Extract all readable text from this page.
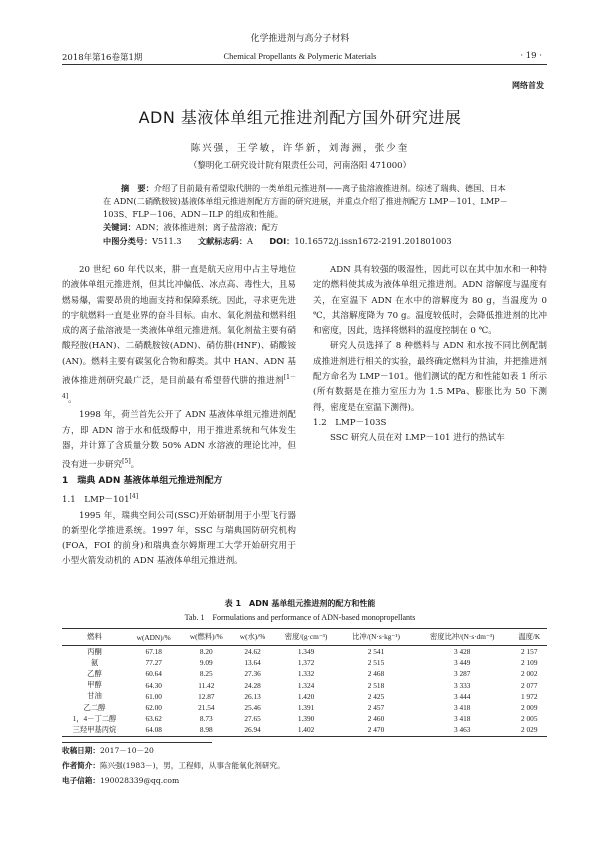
化学推进剂与高分子材料
2018年第16卷第1期	Chemical Propellants & Polymeric Materials	· 19 ·
网络首发
ADN 基液体单组元推进剂配方国外研究进展
陈兴强，王学敏，许华新，刘海洲，张少奎
（黎明化工研究设计院有限责任公司，河南洛阳 471000）
摘　要：介绍了目前最有希望取代肼的一类单组元推进剂——离子盐溶液推进剂。综述了瑞典、德国、日本在 ADN(二硝酰胺铵)基液体单组元推进剂配方方面的研究进展，并重点介绍了推进剂配方 LMP－101、LMP－103S、FLP－106、ADN－ILP 的组成和性能。
关键词：ADN；液体推进剂；离子盐溶液；配方
中图分类号：V511.3　　 文献标志码：A　　 DOI：10.16572/j.issn1672-2191.201801003

20 世纪 60 年代以来，肼一直是航天应用中占主导地位的液体单组元推进剂，但其比冲偏低、冰点高、毒性大，且易燃易爆，需要昂贵的地面支持和保障系统。因此，寻求更先进的宇航燃料一直是业界的奋斗目标。由水、氧化剂盐和燃料组成的离子盐溶液是一类液体单组元推进剂。氧化剂盐主要有硝酸羟胺(HAN)、二硝酰胺铵(ADN)、硝仿肼(HNF)、硝酸铵(AN)。燃料主要有碳氢化合物和醇类。其中 HAN、ADN 基液体推进剂研究最广泛，是目前最有希望替代肼的推进剂[1－4]。

1998 年，荷兰首先公开了 ADN 基液体单组元推进剂配方，即 ADN 溶于水和低级醇中，用于推进系统和气体发生器，并计算了含质量分数 50% ADN 水溶液的理论比冲，但没有进一步研究[5]。

1　瑞典 ADN 基液体单组元推进剂配方
1.1　LMP－101[4]

1995 年，瑞典空间公司(SSC)开始研制用于小型飞行器的新型化学推进系统。1997 年，SSC 与瑞典国防研究机构(FOA，FOI 的前身)和瑞典查尔姆斯理工大学开始研究用于小型火箭发动机的 ADN 基液体单组元推进剂。

ADN 具有较强的吸湿性，因此可以在其中加水和一种特定的燃料使其成为液体单组元推进剂。ADN 溶解度与温度有关，在室温下 ADN 在水中的溶解度为 80 g，当温度为 0 ℃，其溶解度降为 70 g。温度较低时，会降低推进剂的比冲和密度，因此，选择将燃料的温度控制在 0 ℃。

研究人员选择了 8 种燃料与 ADN 和水按不同比例配制成推进剂进行相关的实验，最终确定燃料为甘油，并把推进剂配方命名为 LMP－101。他们测试的配方和性能如表 1 所示(所有数据是在推力室压力为 1.5 MPa、膨胀比为 50 下测得，密度是在室温下测得)。

1.2　LMP－103S

SSC 研究人员在对 LMP－101 进行的热试车

表 1　ADN 基单组元推进剂的配方和性能
Tab. 1　Formulations and performance of ADN-based monopropellants
燃料	w(ADN)/%	w(燃料)/%	w(水)/%	密度/(g·cm⁻³)	比冲/(N·s·kg⁻¹)	密度比冲/(N·s·dm⁻³)	温度/K
丙酮	67.18	8.20	24.62	1.349	2 541	3 428	2 157
氨	77.27	9.09	13.64	1.372	2 515	3 449	2 109
乙醇	60.64	8.25	27.36	1.332	2 468	3 287	2 002
甲醇	64.30	11.42	24.28	1.324	2 518	3 333	2 077
甘油	61.00	12.87	26.13	1.420	2 425	3 444	1 972
乙二醇	62.00	21.54	25.46	1.391	2 457	3 418	2 009
1，4－丁二醇	63.62	8.73	27.65	1.390	2 460	3 418	2 005
三羟甲基丙烷	64.08	8.98	26.94	1.402	2 470	3 463	2 029
收稿日期：2017－10－20
作者简介：陈兴强(1983－)，男，工程师，从事含能氧化剂研究。
电子信箱：190028339@qq.com
